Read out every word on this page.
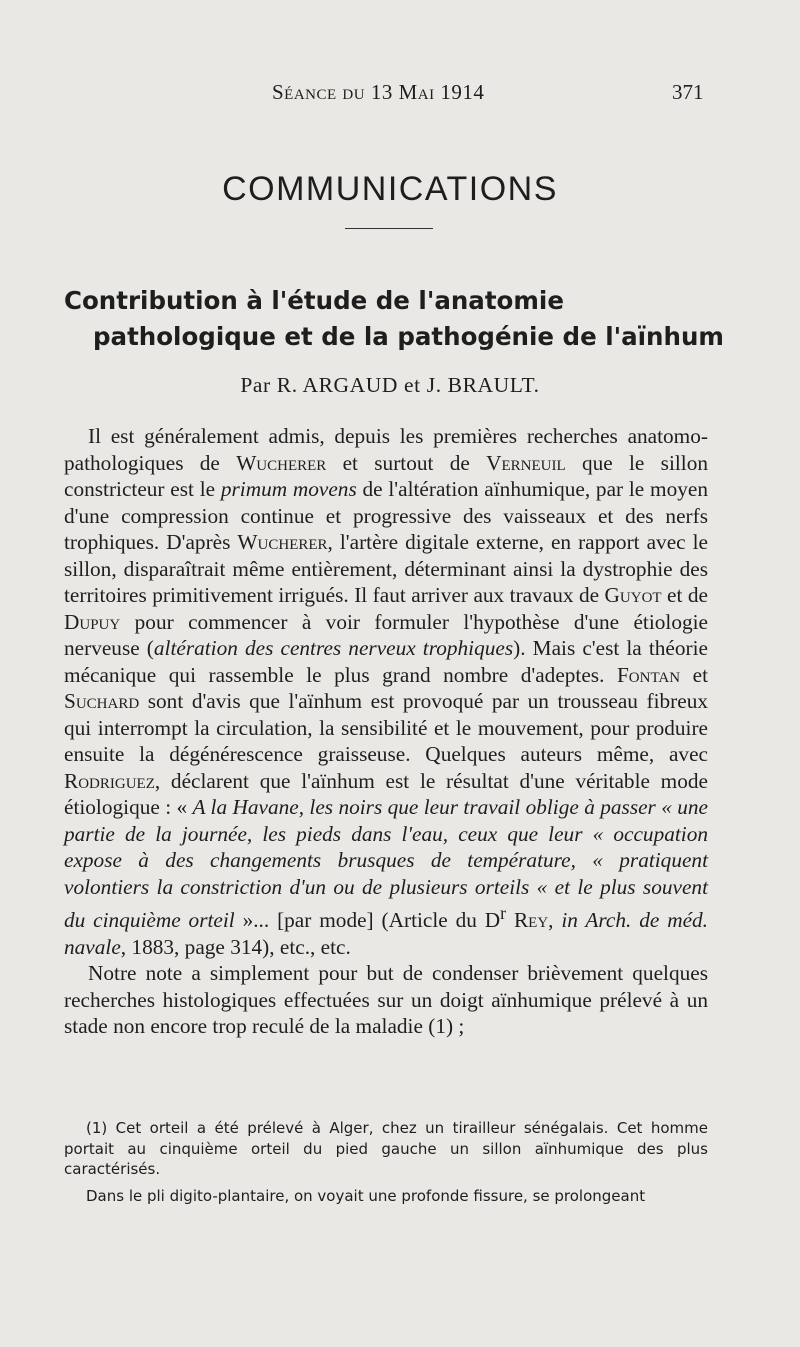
Séance du 13 Mai 1914	371
COMMUNICATIONS
Contribution à l'étude de l'anatomie
pathologique et de la pathogénie de l'aïnhum
Par R. ARGAUD et J. BRAULT.

Il est généralement admis, depuis les premières recherches anatomo-pathologiques de Wucherer et surtout de Verneuil que le sillon constricteur est le primum movens de l'altération aïnhumique, par le moyen d'une compression continue et progressive des vaisseaux et des nerfs trophiques. D'après Wucherer, l'artère digitale externe, en rapport avec le sillon, disparaîtrait même entièrement, déterminant ainsi la dystrophie des territoires primitivement irrigués. Il faut arriver aux travaux de Guyot et de Dupuy pour commencer à voir formuler l'hypothèse d'une étiologie nerveuse (altération des centres nerveux trophiques). Mais c'est la théorie mécanique qui rassemble le plus grand nombre d'adeptes. Fontan et Suchard sont d'avis que l'aïnhum est provoqué par un trousseau fibreux qui interrompt la circulation, la sensibilité et le mouvement, pour produire ensuite la dégénérescence graisseuse. Quelques auteurs même, avec Rodriguez, déclarent que l'aïnhum est le résultat d'une véritable mode étiologique : « A la Havane, les noirs que leur travail oblige à passer « une partie de la journée, les pieds dans l'eau, ceux que leur « occupation expose à des changements brusques de température, « pratiquent volontiers la constriction d'un ou de plusieurs orteils « et le plus souvent du cinquième orteil »... [par mode] (Article du $D^r$ Rey, in Arch. de méd. navale, 1883, page 314), etc., etc.

Notre note a simplement pour but de condenser brièvement quelques recherches histologiques effectuées sur un doigt aïnhumique prélevé à un stade non encore trop reculé de la maladie (1) ;

(1) Cet orteil a été prélevé à Alger, chez un tirailleur sénégalais. Cet homme portait au cinquième orteil du pied gauche un sillon aïnhumique des plus caractérisés.

Dans le pli digito-plantaire, on voyait une profonde fissure, se prolongeant
